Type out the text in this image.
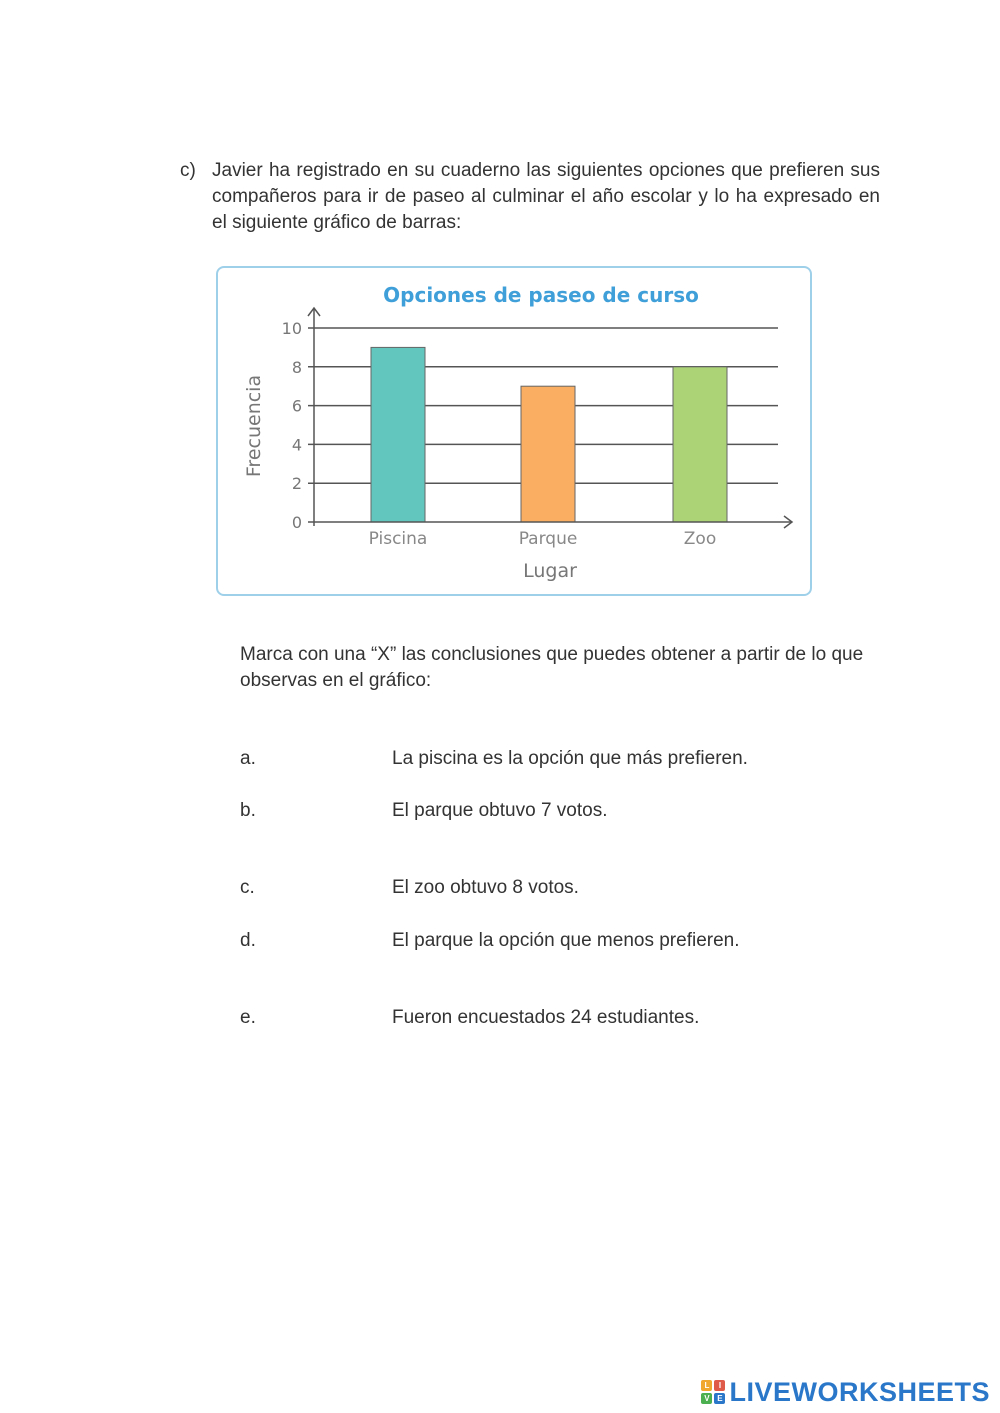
c) Javier ha registrado en su cuaderno las siguientes opciones que prefieren sus compañeros para ir de paseo al culminar el año escolar y lo ha expresado en el siguiente gráfico de barras:
Opciones de paseo de curso
0
2
4
6
8
10
Piscina	Parque	Zoo
Lugar
Frecuencia
Marca con una “X” las conclusiones que puedes obtener a partir de lo que observas en el gráfico:
a.	La piscina es la opción que más prefieren.
b.	El parque obtuvo 7 votos.
c.	El zoo obtuvo 8 votos.
d.	El parque la opción que menos prefieren.
e.	Fueron encuestados 24 estudiantes.
L	I
V E LIVEWORKSHEETS
